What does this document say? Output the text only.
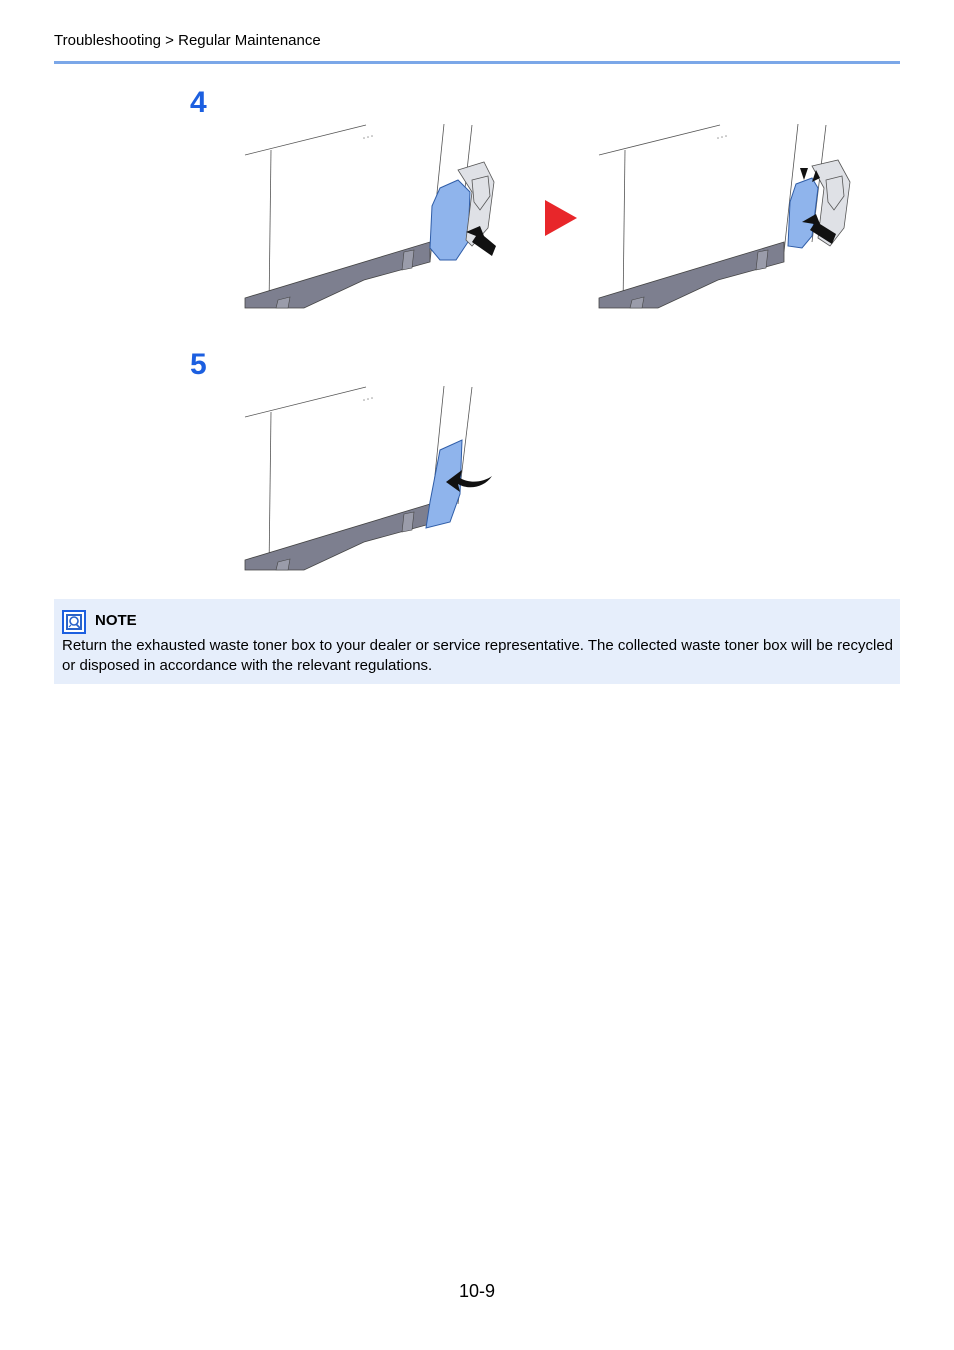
Troubleshooting > Regular Maintenance
4
5
NOTE
Return the exhausted waste toner box to your dealer or service representative. The collected waste toner box will be recycled or disposed in accordance with the relevant regulations.
10-9
